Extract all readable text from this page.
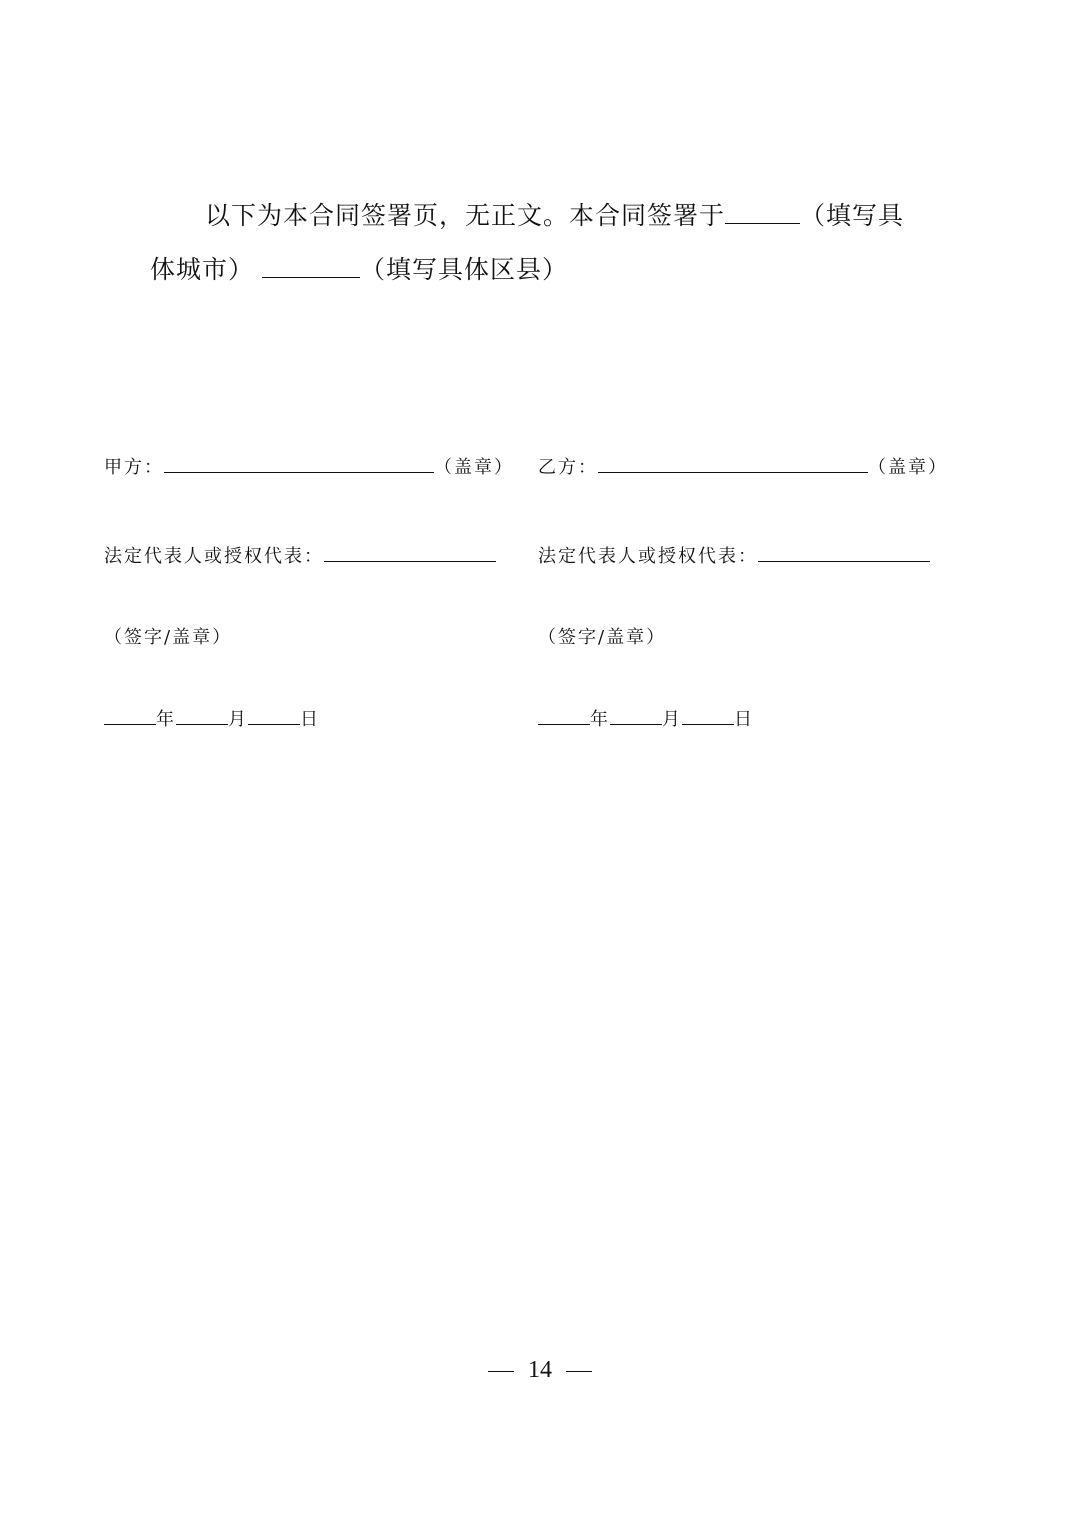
以下为本合同签署页，无正文。本合同签署于	（填写具
体城市）	（填写具体区县）
甲方：	（盖章）
法定代表人或授权代表：
（签字/盖章）
年	月	日
乙方：	（盖章）
法定代表人或授权代表：
（签字/盖章）
年	月	日
14
